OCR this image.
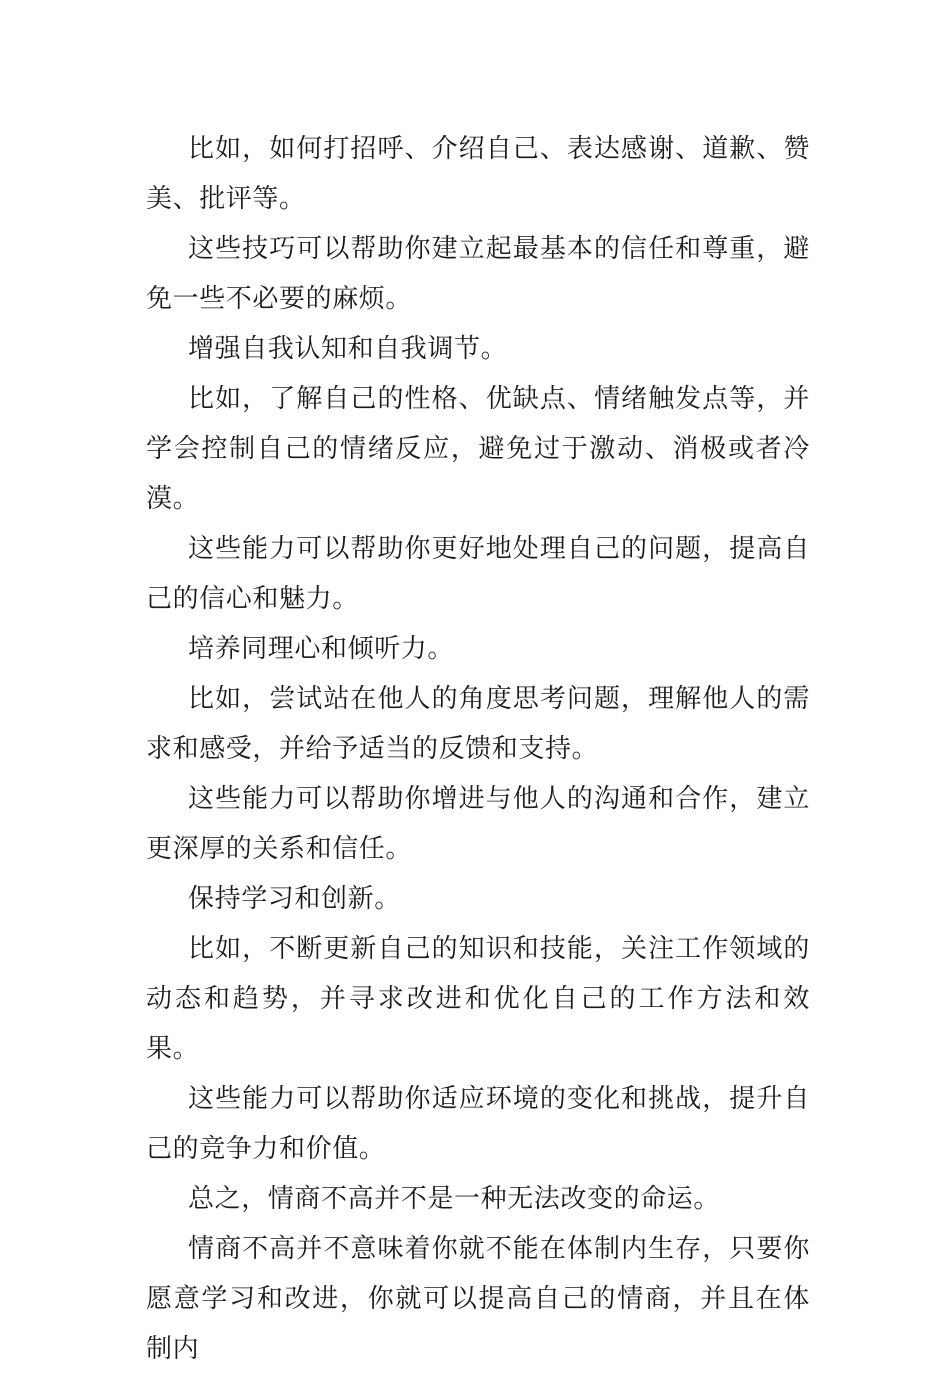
比如，如何打招呼、介绍自己、表达感谢、道歉、赞美、批评等。

这些技巧可以帮助你建立起最基本的信任和尊重，避免一些不必要的麻烦。

增强自我认知和自我调节。

比如，了解自己的性格、优缺点、情绪触发点等，并学会控制自己的情绪反应，避免过于激动、消极或者冷漠。

这些能力可以帮助你更好地处理自己的问题，提高自己的信心和魅力。

培养同理心和倾听力。

比如，尝试站在他人的角度思考问题，理解他人的需求和感受，并给予适当的反馈和支持。

这些能力可以帮助你增进与他人的沟通和合作，建立更深厚的关系和信任。

保持学习和创新。

比如，不断更新自己的知识和技能，关注工作领域的动态和趋势，并寻求改进和优化自己的工作方法和效果。

这些能力可以帮助你适应环境的变化和挑战，提升自己的竞争力和价值。

总之，情商不高并不是一种无法改变的命运。

情商不高并不意味着你就不能在体制内生存，只要你愿意学习和改进，你就可以提高自己的情商，并且在体制内
